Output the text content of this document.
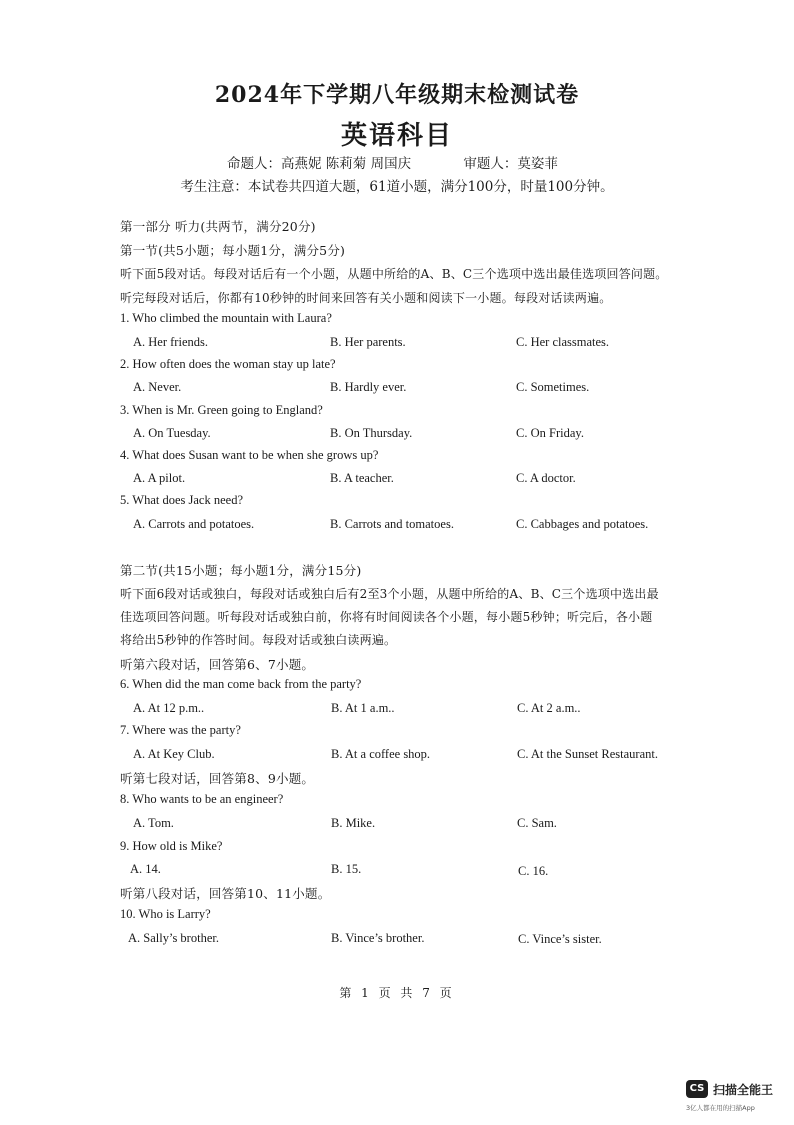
2024年下学期八年级期末检测试卷
英语科目
命题人：高燕妮 陈莉菊 周国庆	审题人：莫姿菲
考生注意：本试卷共四道大题，61道小题，满分100分，时量100分钟。
第一部分 听力(共两节，满分20分)
第一节(共5小题；每小题1分，满分5分)
听下面5段对话。每段对话后有一个小题，从题中所给的A、B、C三个选项中选出最佳选项回答问题。
听完每段对话后，你都有10秒钟的时间来回答有关小题和阅读下一小题。每段对话读两遍。
1. Who climbed the mountain with Laura?
A. Her friends.	B. Her parents.	C. Her classmates.
2. How often does the woman stay up late?
A. Never.	B. Hardly ever.	C. Sometimes.
3. When is Mr. Green going to England?
A. On Tuesday.	B. On Thursday.	C. On Friday.
4. What does Susan want to be when she grows up?
A. A pilot.	B. A teacher.	C. A doctor.
5. What does Jack need?
A. Carrots and potatoes.	B. Carrots and tomatoes.	C. Cabbages and potatoes.
第二节(共15小题；每小题1分，满分15分)
听下面6段对话或独白，每段对话或独白后有2至3个小题，从题中所给的A、B、C三个选项中选出最
佳选项回答问题。听每段对话或独白前，你将有时间阅读各个小题，每小题5秒钟；听完后，各小题
将给出5秒钟的作答时间。每段对话或独白读两遍。
听第六段对话，回答第6、7小题。
6. When did the man come back from the party?
A. At 12 p.m..	B. At 1 a.m..	C. At 2 a.m..
7. Where was the party?
A. At Key Club.	B. At a coffee shop.	C. At the Sunset Restaurant.
听第七段对话，回答第8、9小题。
8. Who wants to be an engineer?
A. Tom.	B. Mike.	C. Sam.
9. How old is Mike?
A. 14.	B. 15.	C. 16.
听第八段对话，回答第10、11小题。
10. Who is Larry?
A. Sally’s brother.	B. Vince’s brother.	C. Vince’s sister.
第 1 页 共 7 页
CS 扫描全能王
3亿人都在用的扫描App
